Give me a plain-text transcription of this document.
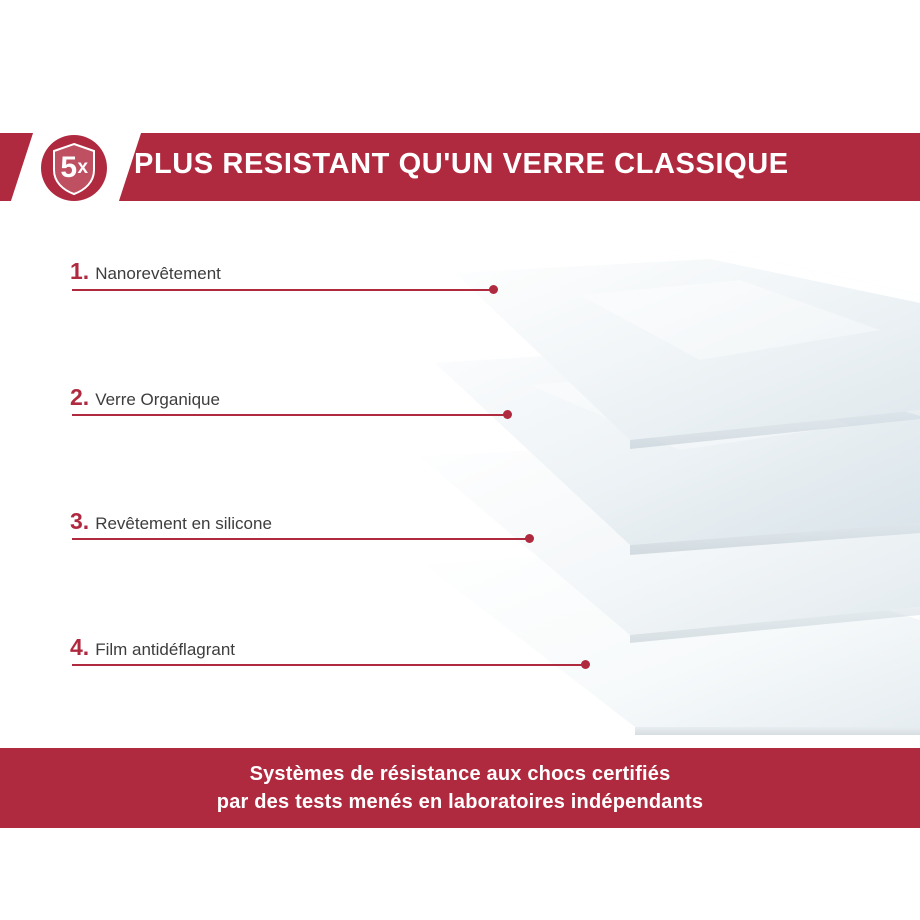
5 x PLUS RESISTANT QU'UN VERRE CLASSIQUE
1. Nanorevêtement
2. Verre Organique
3. Revêtement en silicone
4. Film antidéflagrant
Systèmes de résistance aux chocs certifiés
par des tests menés en laboratoires indépendants
